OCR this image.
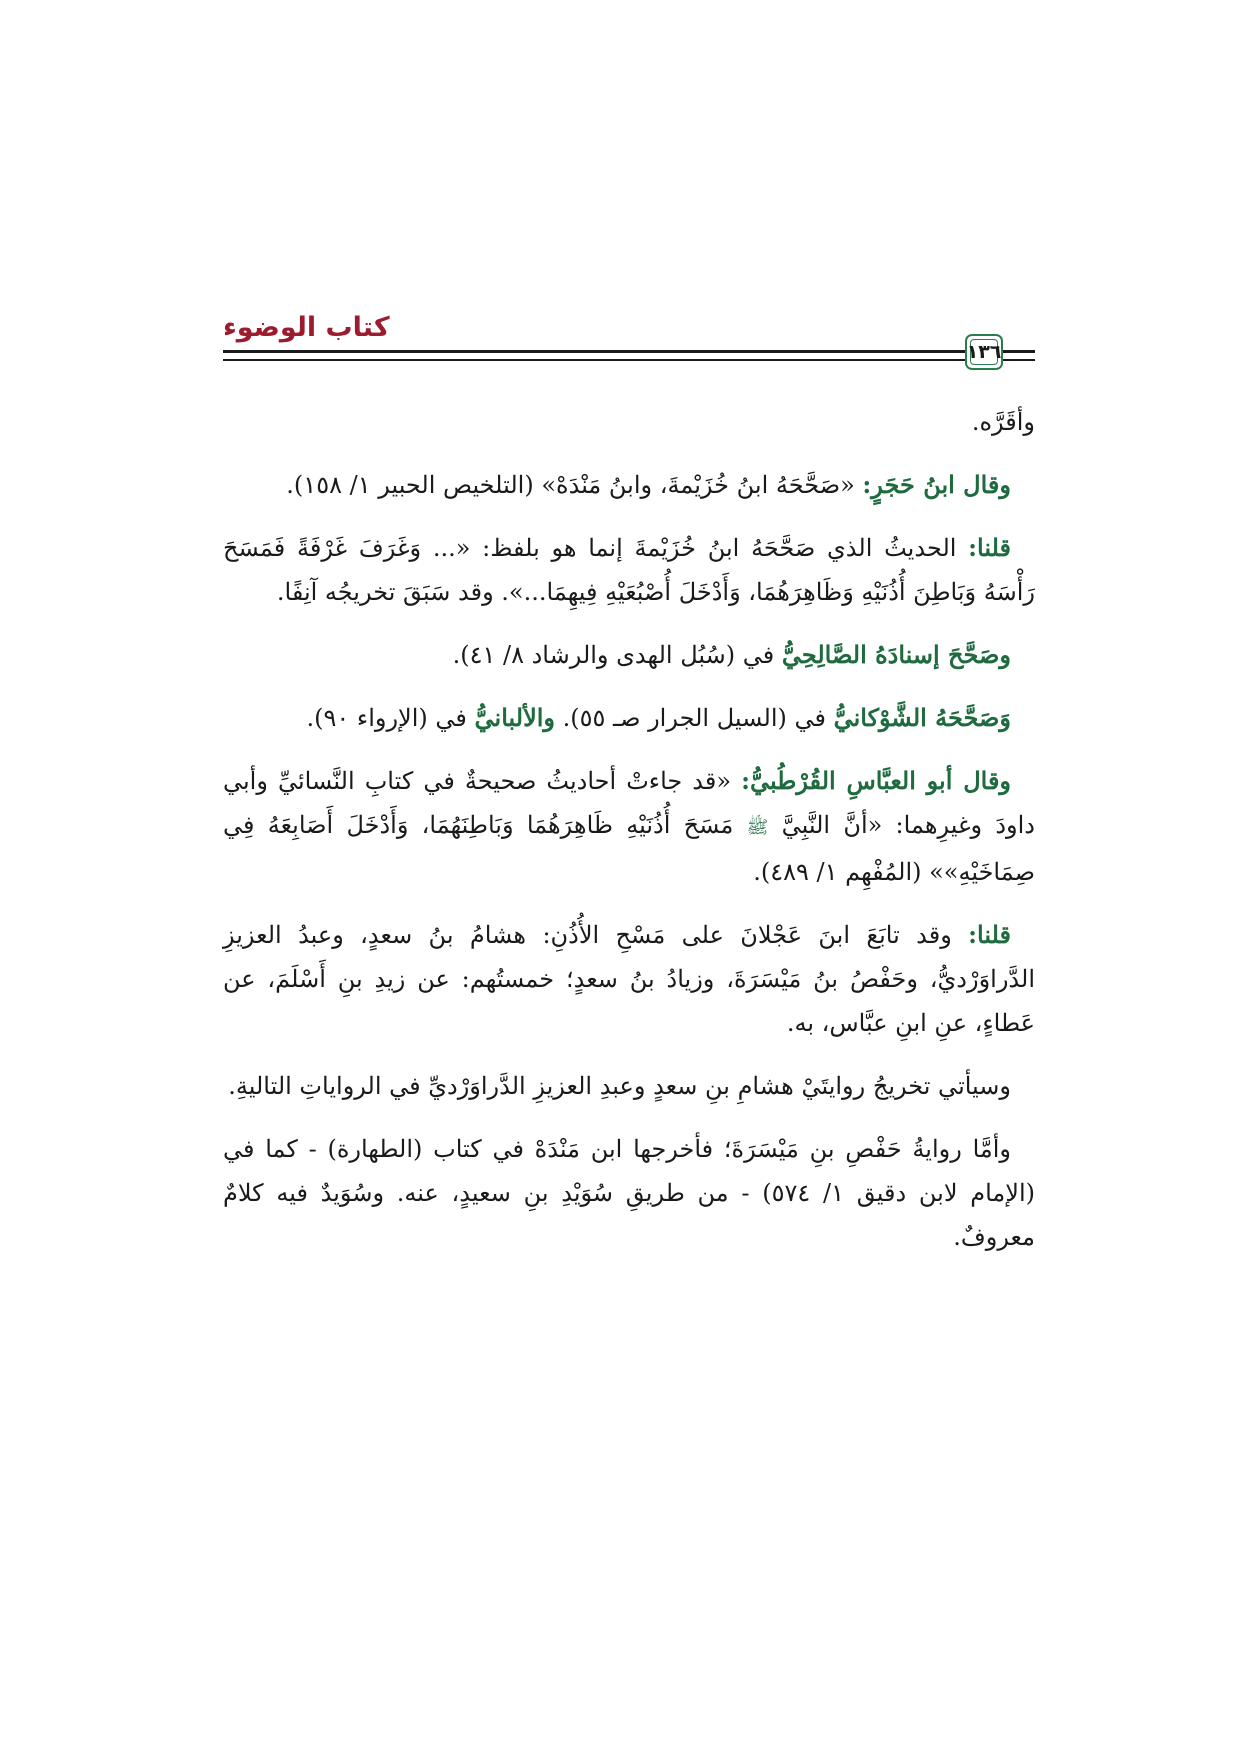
كتاب الوضوء
١٣٦

وأقَرَّه.

وقال ابنُ حَجَرٍ: «صَحَّحَهُ ابنُ خُزَيْمةَ، وابنُ مَنْدَهْ» (التلخيص الحبير ١/ ١٥٨).

قلنا: الحديثُ الذي صَحَّحَهُ ابنُ خُزَيْمةَ إنما هو بلفظ: «... وَغَرَفَ غَرْفَةً فَمَسَحَ رَأْسَهُ وَبَاطِنَ أُذُنَيْهِ وَظَاهِرَهُمَا، وَأَدْخَلَ أُصْبُعَيْهِ فِيهِمَا...». وقد سَبَقَ تخريجُه آنِفًا.

وصَحَّحَ إسنادَهُ الصَّالِحِيُّ في (سُبُل الهدى والرشاد ٨/ ٤١).

وَصَحَّحَهُ الشَّوْكانيُّ في (السيل الجرار صـ ٥٥). والألبانيُّ في (الإرواء ٩٠).

وقال أبو العبَّاسِ القُرْطُبيُّ: «قد جاءتْ أحاديثُ صحيحةٌ في كتابِ النَّسائيِّ وأبي داودَ وغيرِهما: «أنَّ النَّبِيَّ ﷺ مَسَحَ أُذُنَيْهِ ظَاهِرَهُمَا وَبَاطِنَهُمَا، وَأَدْخَلَ أَصَابِعَهُ فِي صِمَاخَيْهِ»» (المُفْهِم ١/ ٤٨٩).

قلنا: وقد تابَعَ ابنَ عَجْلانَ على مَسْحِ الأُذُنِ: هشامُ بنُ سعدٍ، وعبدُ العزيزِ الدَّراوَرْديُّ، وحَفْصُ بنُ مَيْسَرَةَ، وزيادُ بنُ سعدٍ؛ خمستُهم: عن زيدِ بنِ أَسْلَمَ، عن عَطاءٍ، عنِ ابنِ عبَّاس، به.

وسيأتي تخريجُ روايتَيْ هشامِ بنِ سعدٍ وعبدِ العزيزِ الدَّراوَرْديِّ في الرواياتِ التاليةِ.

وأمَّا روايةُ حَفْصِ بنِ مَيْسَرَةَ؛ فأخرجها ابن مَنْدَهْ في كتاب (الطهارة) - كما في (الإمام لابن دقيق ١/ ٥٧٤) - من طريقِ سُوَيْدِ بنِ سعيدٍ، عنه. وسُوَيدٌ فيه كلامٌ معروفٌ.
